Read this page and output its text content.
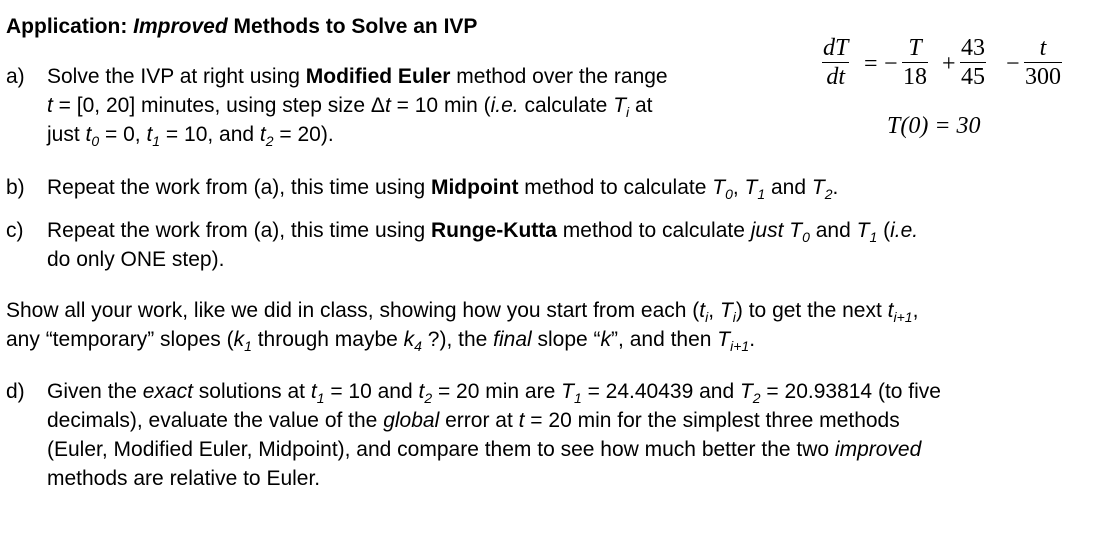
Application: Improved Methods to Solve an IVP
$\frac{dT}{dt}$ = − $\frac{T}{18} + \frac{43}{45} - \frac{t}{300}$
T(0) = 30
a) Solve the IVP at right using Modified Euler method over the range
t = [0, 20] minutes, using step size Δt = 10 min (i.e. calculate $T_i$ at
just $t_0 = 0$, $t_1 = 10$, and $t_2 = 20$).
b) Repeat the work from (a), this time using Midpoint method to calculate $T_0$, $T_1$ and $T_2$.
c) Repeat the work from (a), this time using Runge-Kutta method to calculate just $T_0$ and $T_1$ (i.e.
do only ONE step).
Show all your work, like we did in class, showing how you start from each ($t_i$, $T_i$) to get the next $t_{i+1}$,
any “temporary” slopes ($k_1$ through maybe $k_4$ ?), the final slope “k”, and then $T_{i+1}$.
d) Given the exact solutions at $t_1 = 10$ and $t_2 = 20$ min are $T_1 = 24.40439$ and $T_2 = 20.93814$ (to five
decimals), evaluate the value of the global error at t = 20 min for the simplest three methods
(Euler, Modified Euler, Midpoint), and compare them to see how much better the two improved
methods are relative to Euler.
